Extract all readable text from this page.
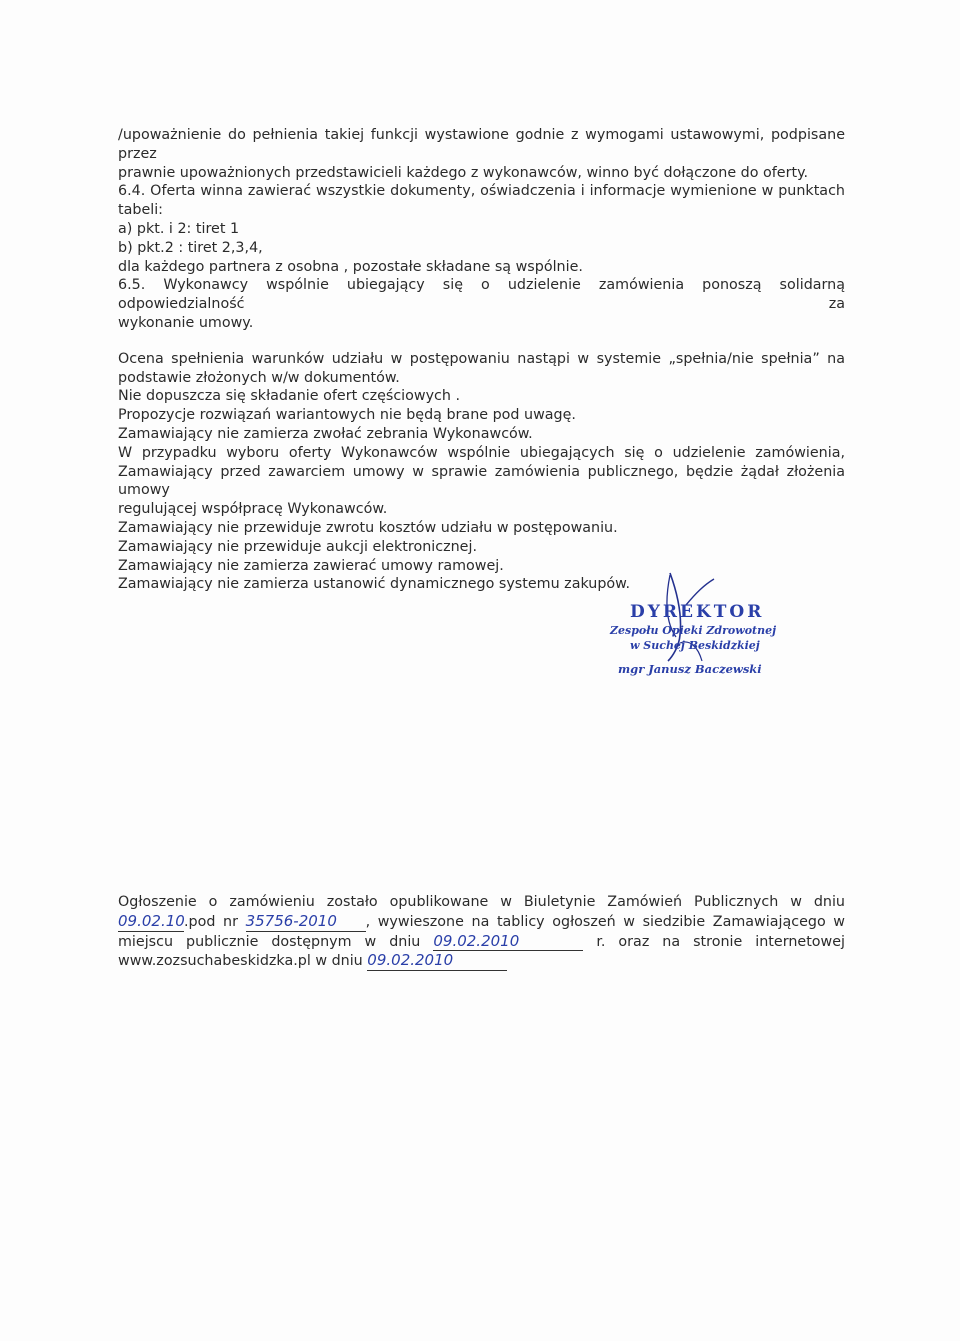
/upoważnienie do pełnienia takiej funkcji wystawione godnie z wymogami ustawowymi, podpisane przez

prawnie upoważnionych przedstawicieli każdego z wykonawców, winno być dołączone do oferty.

6.4. Oferta winna zawierać wszystkie dokumenty, oświadczenia i informacje wymienione w punktach

tabeli:

a) pkt. i 2: tiret 1

b) pkt.2 : tiret 2,3,4,

dla każdego partnera z osobna , pozostałe składane są wspólnie.

6.5. Wykonawcy wspólnie ubiegający się o udzielenie zamówienia ponoszą solidarną odpowiedzialność za

wykonanie umowy.

Ocena spełnienia warunków udziału w postępowaniu nastąpi w systemie „spełnia/nie spełnia” na

podstawie złożonych w/w dokumentów.

Nie dopuszcza się składanie ofert częściowych .

Propozycje rozwiązań wariantowych nie będą brane pod uwagę.

Zamawiający nie zamierza zwołać zebrania Wykonawców.

W przypadku wyboru oferty Wykonawców wspólnie ubiegających się o udzielenie zamówienia,

Zamawiający przed zawarciem umowy w sprawie zamówienia publicznego, będzie żądał złożenia umowy

regulującej współpracę Wykonawców.

Zamawiający nie przewiduje zwrotu kosztów udziału w postępowaniu.

Zamawiający nie przewiduje aukcji elektronicznej.

Zamawiający nie zamierza zawierać umowy ramowej.

Zamawiający nie zamierza ustanowić dynamicznego systemu zakupów.

DYREKTOR
Zespołu Opieki Zdrowotnej
w Suchej Beskidzkiej
mgr Janusz Baczewski

Ogłoszenie o zamówieniu zostało opublikowane w Biuletynie Zamówień Publicznych w dniu

09.02.10.pod nr 35756-2010 , wywieszone na tablicy ogłoszeń w siedzibie Zamawiającego w

miejscu publicznie dostępnym w dniu 09.02.2010	r. oraz na stronie internetowej

www.zozsuchabeskidzka.pl w dniu 09.02.2010
